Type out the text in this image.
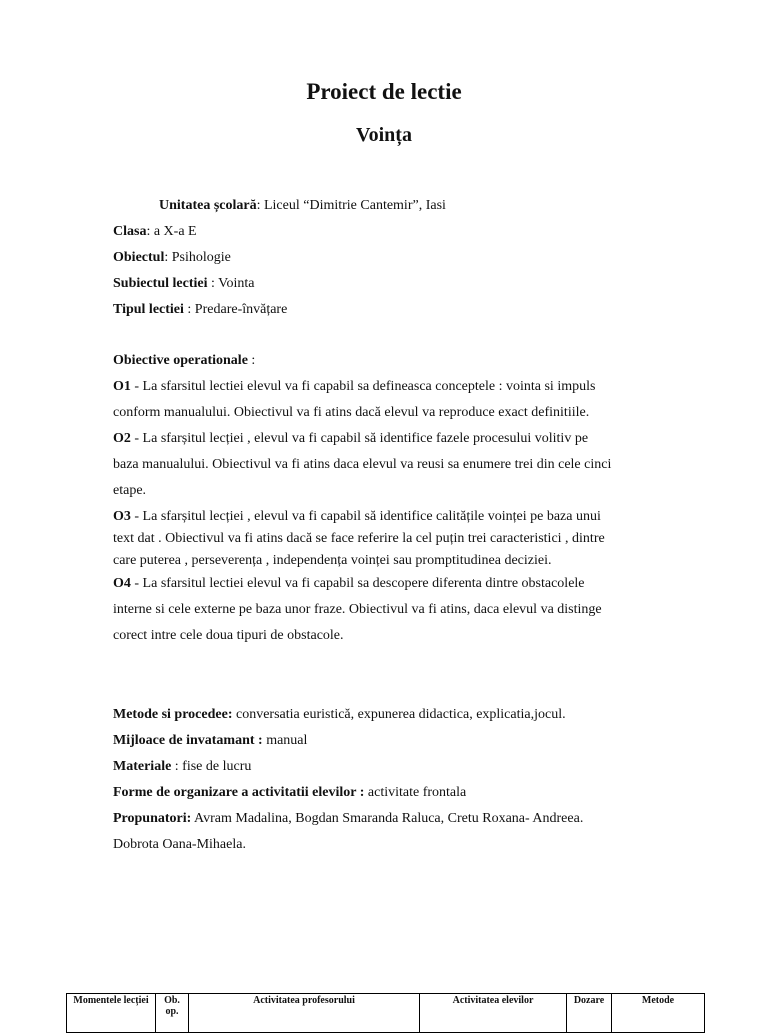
Proiect de lectie
Voința
Unitatea școlară: Liceul “Dimitrie Cantemir”, Iasi
Clasa: a X-a E
Obiectul: Psihologie
Subiectul lectiei : Vointa
Tipul lectiei : Predare-învățare
Obiective operationale :
O1 - La sfarsitul lectiei elevul va fi capabil sa defineasca conceptele : vointa si impuls
conform manualului. Obiectivul va fi atins dacă elevul va reproduce exact definitiile.
O2 - La sfarșitul lecției , elevul va fi capabil să identifice fazele procesului volitiv pe
baza manualului. Obiectivul va fi atins daca elevul va reusi sa enumere trei din cele cinci
etape.
O3 - La sfarșitul lecției , elevul va fi capabil să identifice calitățile voinței pe baza unui
text dat . Obiectivul va fi atins dacă se face referire la cel puțin trei caracteristici , dintre
care puterea , perseverența , independența voinței sau promptitudinea deciziei.
O4 - La sfarsitul lectiei elevul va fi capabil sa descopere diferenta dintre obstacolele
interne si cele externe pe baza unor fraze. Obiectivul va fi atins, daca elevul va distinge
corect intre cele doua tipuri de obstacole.
Metode si procedee: conversatia euristică, expunerea didactica, explicatia,jocul.
Mijloace de invatamant : manual
Materiale : fise de lucru
Forme de organizare a activitatii elevilor : activitate frontala
Propunatori: Avram Madalina, Bogdan Smaranda Raluca, Cretu Roxana- Andreea.
Dobrota Oana-Mihaela.
Momentele lecției	Ob. op.	Activitatea profesorului	Activitatea elevilor	Dozare	Metode
